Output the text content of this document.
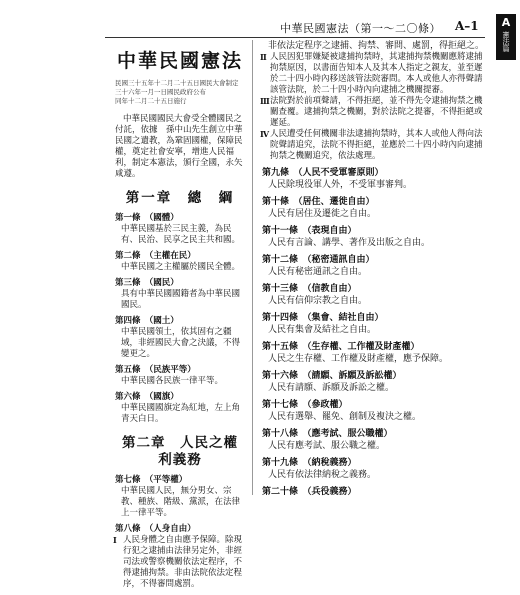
中華民國憲法（第一～二〇條） A–1	A
憲法篇
中華民國憲法
民國三十五年十二月二十五日國民大會制定
三十六年一月一日國民政府公布
同年十二月二十五日施行
中華民國國民大會受全體國民之付託，依據　孫中山先生創立中華民國之遺教，為鞏固國權，保障民權，奠定社會安寧，增進人民福利，制定本憲法，頒行全國，永矢咸遵。
第一章　總　綱
第一條　（國體）
中華民國基於三民主義，為民有、民治、民享之民主共和國。
第二條　（主權在民）
中華民國之主權屬於國民全體。
第三條　（國民）
具有中華民國國籍者為中華民國國民。
第四條　（國土）
中華民國領土，依其固有之疆域，非經國民大會之決議，不得變更之。
第五條　（民族平等）
中華民國各民族一律平等。
第六條　（國旗）
中華民國國旗定為紅地，左上角青天白日。
第二章　人民之權利義務
第七條　（平等權）
中華民國人民，無分男女、宗教、種族、階級、黨派，在法律上一律平等。
第八條　（人身自由）
Ⅰ 人民身體之自由應予保障。除現行犯之逮捕由法律另定外，非經司法或警察機關依法定程序，不得逮捕拘禁。非由法院依法定程序，不得審問處罰。
非依法定程序之逮捕、拘禁、審問、處罰，得拒絕之。
Ⅱ 人民因犯罪嫌疑被逮捕拘禁時，其逮捕拘禁機關應將逮捕拘禁原因，以書面告知本人及其本人指定之親友，並至遲於二十四小時內移送該管法院審問。本人或他人亦得聲請該管法院，於二十四小時內向逮捕之機關提審。
Ⅲ 法院對於前項聲請，不得拒絕，並不得先令逮捕拘禁之機關查覆。逮捕拘禁之機關，對於法院之提審，不得拒絕或遲延。
Ⅳ 人民遭受任何機關非法逮捕拘禁時，其本人或他人得向法院聲請追究，法院不得拒絕，並應於二十四小時內向逮捕拘禁之機關追究，依法處理。
第九條　（人民不受軍審原則）
人民除現役軍人外，不受軍事審判。
第十條　（居住、遷徙自由）
人民有居住及遷徙之自由。
第十一條　（表現自由）
人民有言論、講學、著作及出版之自由。
第十二條　（秘密通訊自由）
人民有秘密通訊之自由。
第十三條　（信教自由）
人民有信仰宗教之自由。
第十四條　（集會、結社自由）
人民有集會及結社之自由。
第十五條　（生存權、工作權及財產權）
人民之生存權、工作權及財產權，應予保障。
第十六條　（請願、訴願及訴訟權）
人民有請願、訴願及訴訟之權。
第十七條　（參政權）
人民有選舉、罷免、創制及複決之權。
第十八條　（應考試、服公職權）
人民有應考試、服公職之權。
第十九條　（納稅義務）
人民有依法律納稅之義務。
第二十條　（兵役義務）
